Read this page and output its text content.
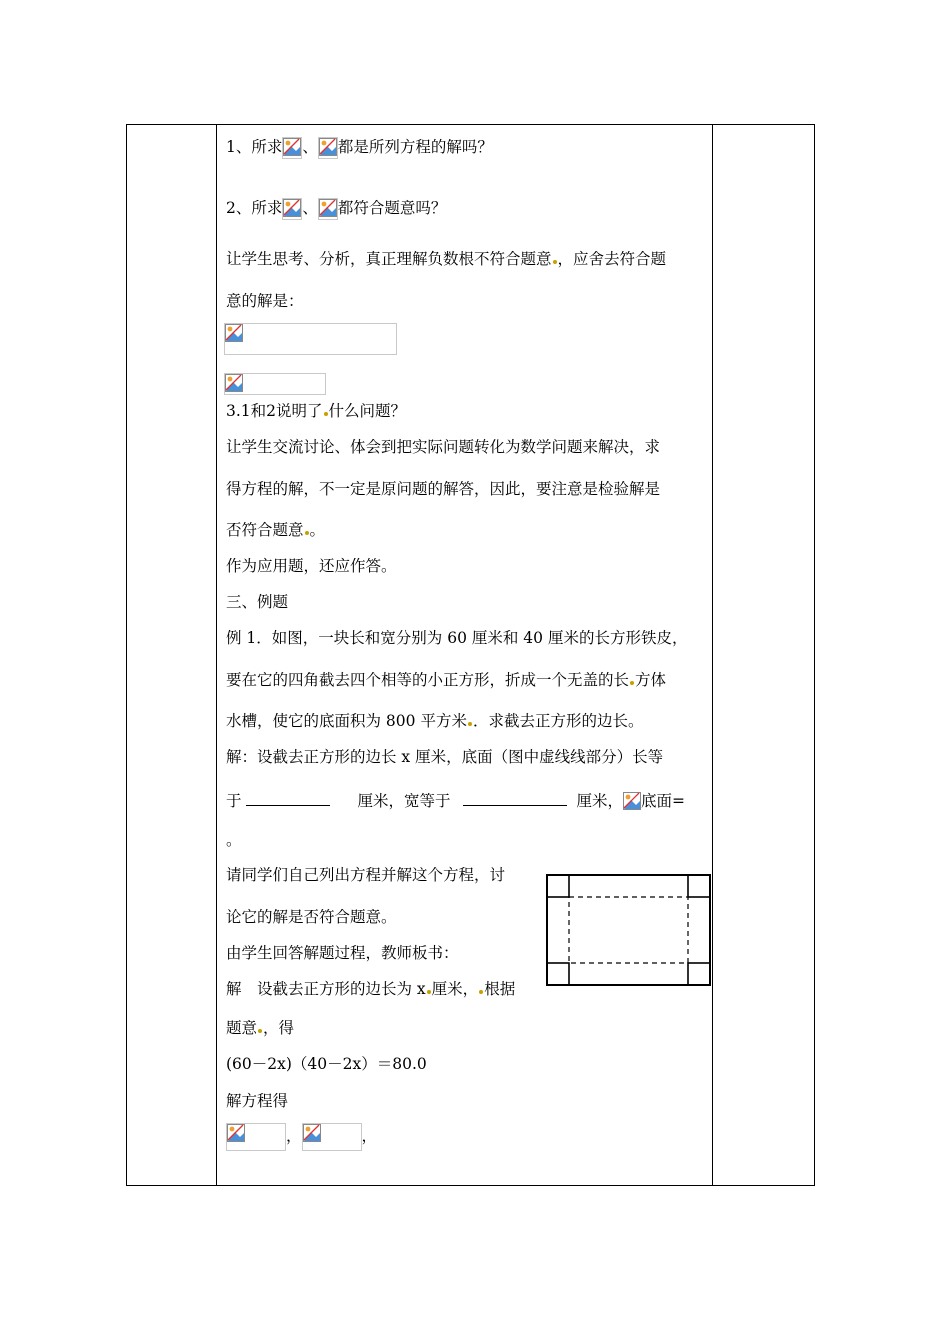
1、所求 、 都是所列方程的解吗？
2、所求 、 都符合题意吗？
让学生思考、分析，真正理解负数根不符合题意 ，应舍去符合题
意的解是：
3.1和2说明了 什么问题？
让学生交流讨论、体会到把实际问题转化为数学问题来解决，求
得方程的解，不一定是原问题的解答，因此，要注意是检验解是
否符合题意 。
作为应用题，还应作答。
三、例题
例 1．如图，一块长和宽分别为 60 厘米和 40 厘米的长方形铁皮，
要在它的四角截去四个相等的小正方形，折成一个无盖的长 方体
水槽，使它的底面积为 800 平方米 ．求截去正方形的边长。
解：设截去正方形的边长 x 厘米，底面（图中虚线线部分）长等
于	厘米，宽等于	厘米， 底面=
。
请同学们自己列出方程并解这个方程，讨
论它的解是否符合题意。
由学生回答解题过程，教师板书：
解　设截去正方形的边长为 x 厘米， 根据
题意 ，得
(60－2x)（40－2x）＝80.0
解方程得
，	，
